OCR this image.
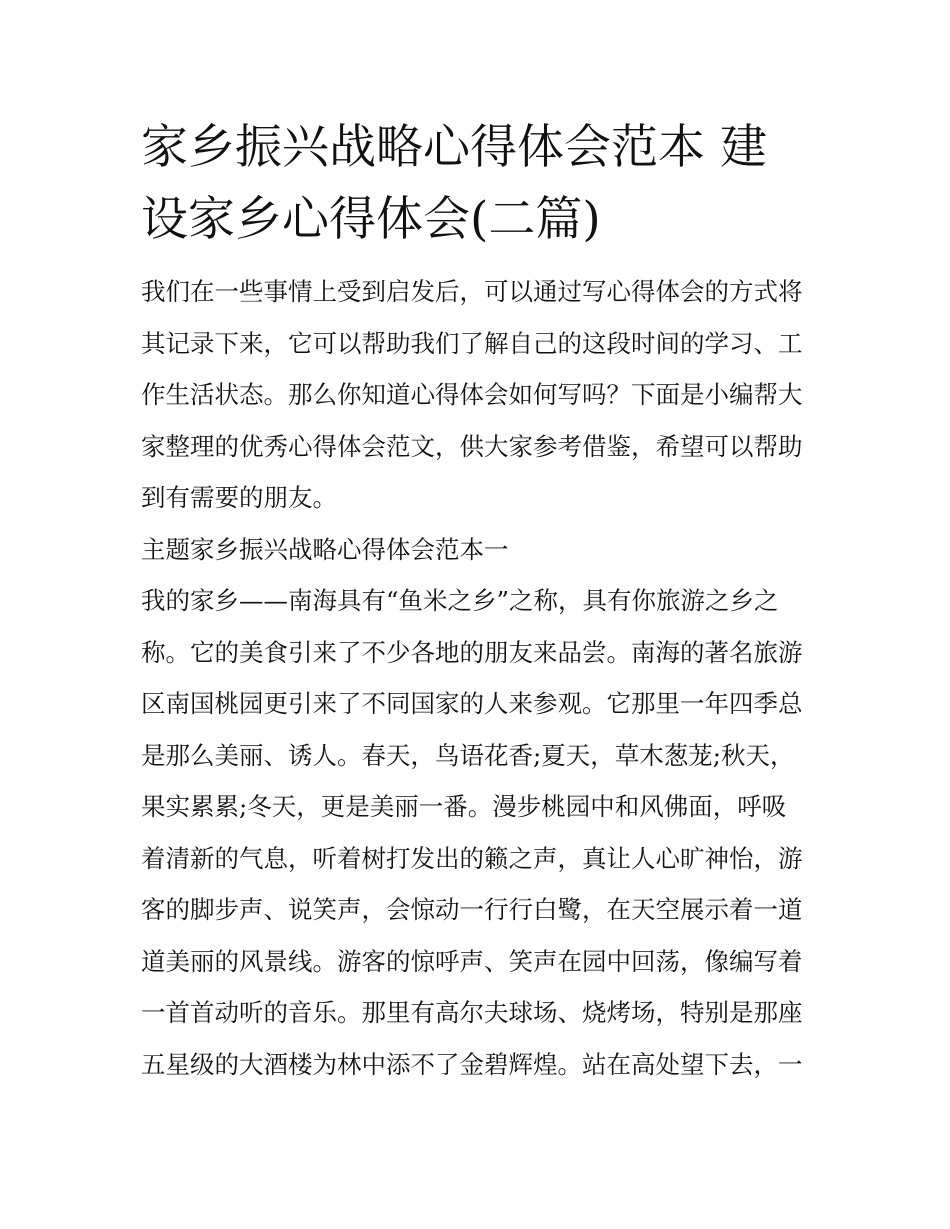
家乡振兴战略心得体会范本 建
设家乡心得体会(二篇)
我们在一些事情上受到启发后，可以通过写心得体会的方式将
其记录下来，它可以帮助我们了解自己的这段时间的学习、工
作生活状态。那么你知道心得体会如何写吗？下面是小编帮大
家整理的优秀心得体会范文，供大家参考借鉴，希望可以帮助
到有需要的朋友。
主题家乡振兴战略心得体会范本一
我的家乡——南海具有“鱼米之乡”之称，具有你旅游之乡之
称。它的美食引来了不少各地的朋友来品尝。南海的著名旅游
区南国桃园更引来了不同国家的人来参观。它那里一年四季总
是那么美丽、诱人。春天，鸟语花香;夏天，草木葱茏;秋天，
果实累累;冬天，更是美丽一番。漫步桃园中和风佛面，呼吸
着清新的气息，听着树打发出的籁之声，真让人心旷神怡，游
客的脚步声、说笑声，会惊动一行行白鹭，在天空展示着一道
道美丽的风景线。游客的惊呼声、笑声在园中回荡，像编写着
一首首动听的音乐。那里有高尔夫球场、烧烤场，特别是那座
五星级的大酒楼为林中添不了金碧辉煌。站在高处望下去，一
